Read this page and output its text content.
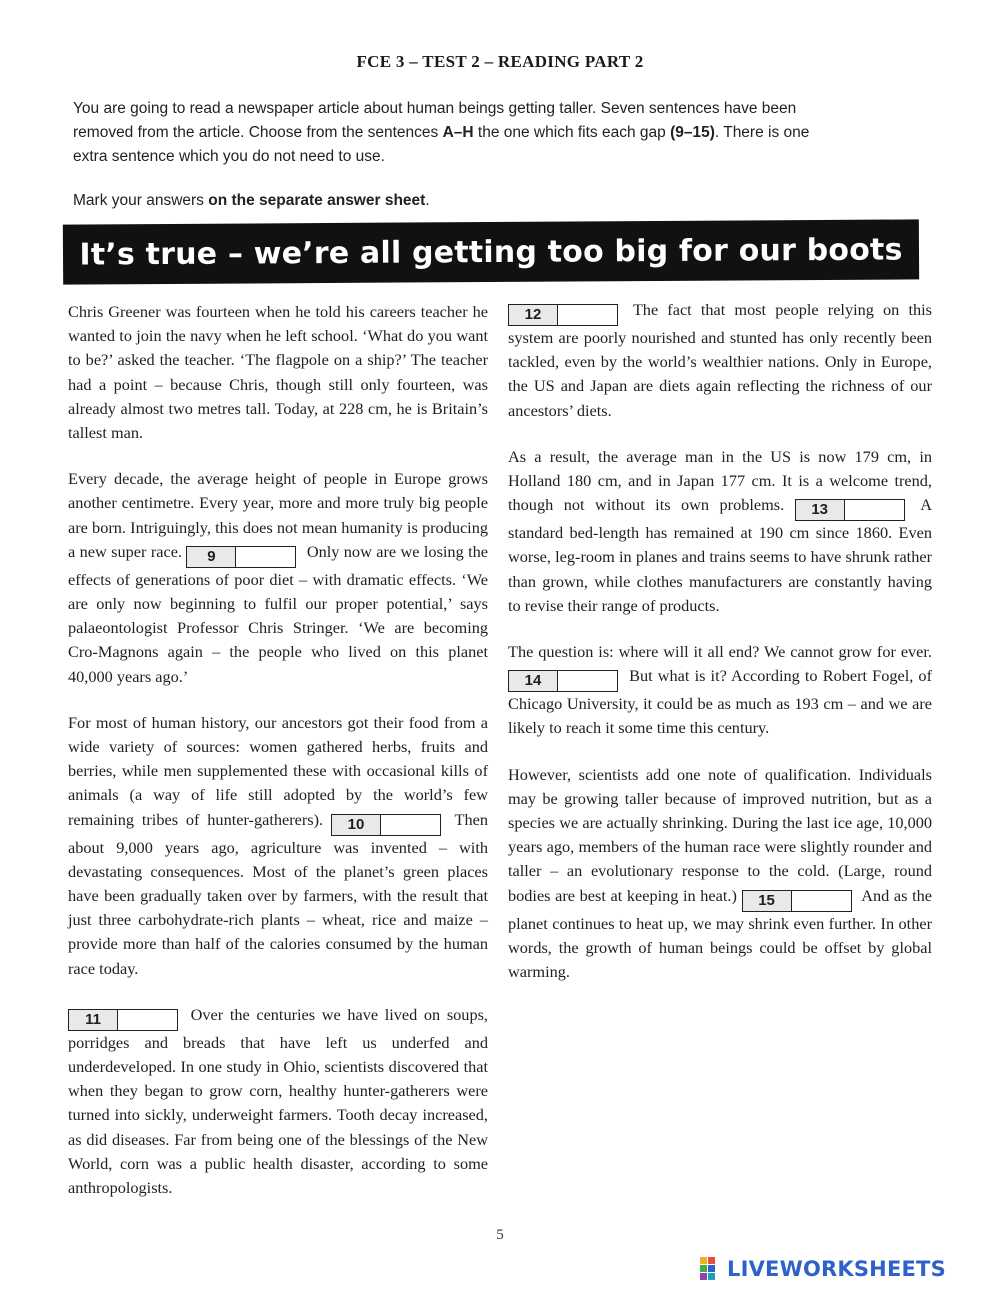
FCE 3 – TEST 2 – READING PART 2
You are going to read a newspaper article about human beings getting taller. Seven sentences have been removed from the article. Choose from the sentences A–H the one which fits each gap (9–15). There is one extra sentence which you do not need to use.
Mark your answers on the separate answer sheet.
It’s true – we’re all getting too big for our boots

Chris Greener was fourteen when he told his careers teacher he wanted to join the navy when he left school. ‘What do you want to be?’ asked the teacher. ‘The flagpole on a ship?’ The teacher had a point – because Chris, though still only fourteen, was already almost two metres tall. Today, at 228 cm, he is Britain’s tallest man.

Every decade, the average height of people in Europe grows another centimetre. Every year, more and more truly big people are born. Intriguingly, this does not mean humanity is producing a new super race. 9	Only now are we losing the effects of generations of poor diet – with dramatic effects. ‘We are only now beginning to fulfil our proper potential,’ says palaeontologist Professor Chris Stringer. ‘We are becoming Cro-Magnons again – the people who lived on this planet 40,000 years ago.’

For most of human history, our ancestors got their food from a wide variety of sources: women gathered herbs, fruits and berries, while men supplemented these with occasional kills of animals (a way of life still adopted by the world’s few remaining tribes of hunter-gatherers). 10	Then about 9,000 years ago, agriculture was invented – with devastating consequences. Most of the planet’s green places have been gradually taken over by farmers, with the result that just three carbohydrate-rich plants – wheat, rice and maize – provide more than half of the calories consumed by the human race today.

11	Over the centuries we have lived on soups, porridges and breads that have left us underfed and underdeveloped. In one study in Ohio, scientists discovered that when they began to grow corn, healthy hunter-gatherers were turned into sickly, underweight farmers. Tooth decay increased, as did diseases. Far from being one of the blessings of the New World, corn was a public health disaster, according to some anthropologists.

12	The fact that most people relying on this system are poorly nourished and stunted has only recently been tackled, even by the world’s wealthier nations. Only in Europe, the US and Japan are diets again reflecting the richness of our ancestors’ diets.

As a result, the average man in the US is now 179 cm, in Holland 180 cm, and in Japan 177 cm. It is a welcome trend, though not without its own problems. 13	A standard bed-length has remained at 190 cm since 1860. Even worse, leg-room in planes and trains seems to have shrunk rather than grown, while clothes manufacturers are constantly having to revise their range of products.

The question is: where will it all end? We cannot grow for ever. 14	But what is it? According to Robert Fogel, of Chicago University, it could be as much as 193 cm – and we are likely to reach it some time this century.

However, scientists add one note of qualification. Individuals may be growing taller because of improved nutrition, but as a species we are actually shrinking. During the last ice age, 10,000 years ago, members of the human race were slightly rounder and taller – an evolutionary response to the cold. (Large, round bodies are best at keeping in heat.) 15	And as the planet continues to heat up, we may shrink even further. In other words, the growth of human beings could be offset by global warming.

5
LIVEWORKSHEETS
